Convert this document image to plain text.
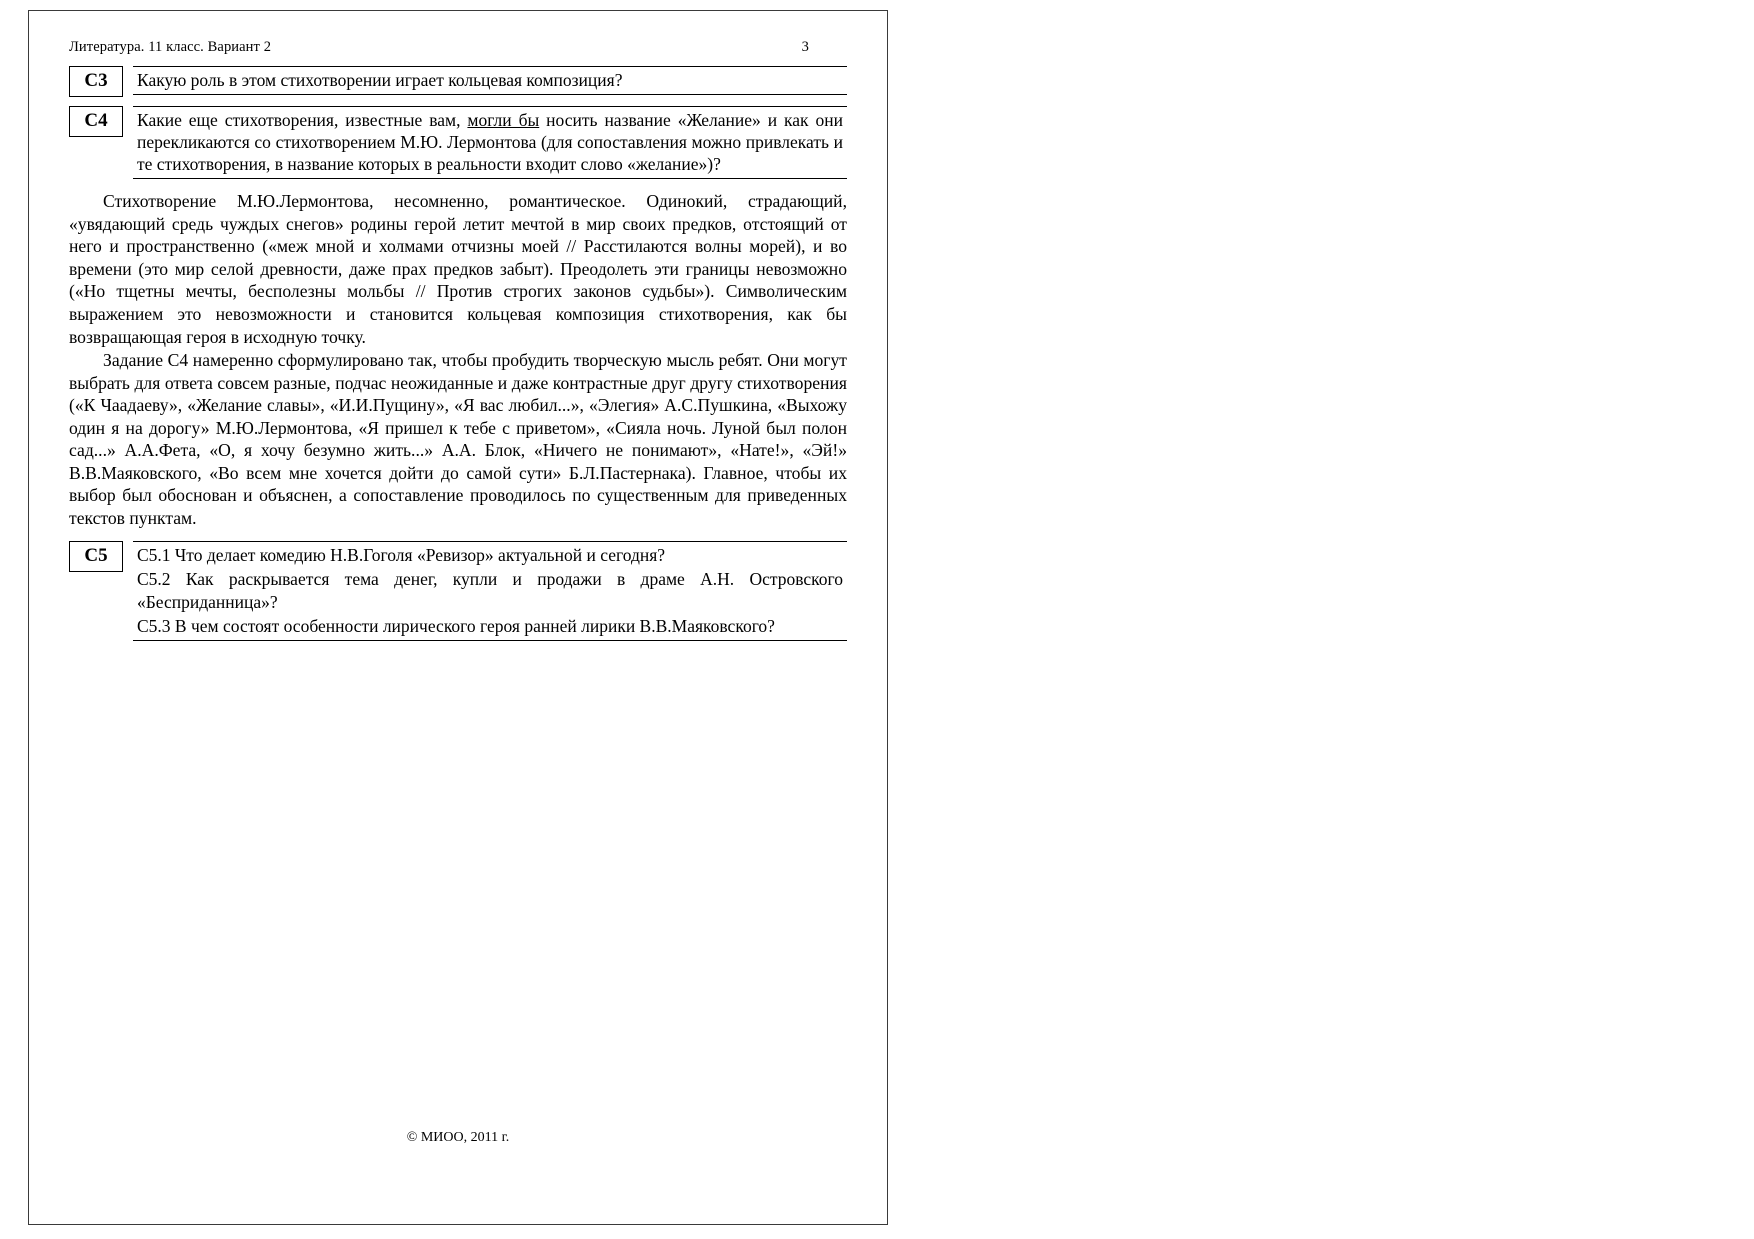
Литература. 11 класс. Вариант 2	3
C3	Какую роль в этом стихотворении играет кольцевая композиция?

C4	Какие еще стихотворения, известные вам, могли бы носить название «Желание» и как они перекликаются со стихотворением М.Ю. Лермонтова (для сопоставления можно привлекать и те стихотворения, в название которых в реальности входит слово «желание»)?

Стихотворение М.Ю.Лермонтова, несомненно, романтическое. Одинокий, страдающий, «увядающий средь чуждых снегов» родины герой летит мечтой в мир своих предков, отстоящий от него и пространственно («меж мной и холмами отчизны моей // Расстилаются волны морей), и во времени (это мир селой древности, даже прах предков забыт). Преодолеть эти границы невозможно («Но тщетны мечты, бесполезны мольбы // Против строгих законов судьбы»). Символическим выражением это невозможности и становится кольцевая композиция стихотворения, как бы возвращающая героя в исходную точку.

Задание С4 намеренно сформулировано так, чтобы пробудить творческую мысль ребят. Они могут выбрать для ответа совсем разные, подчас неожиданные и даже контрастные друг другу стихотворения («К Чаадаеву», «Желание славы», «И.И.Пущину», «Я вас любил...», «Элегия» А.С.Пушкина, «Выхожу один я на дорогу» М.Ю.Лермонтова, «Я пришел к тебе с приветом», «Сияла ночь. Луной был полон сад...» А.А.Фета, «О, я хочу безумно жить...» А.А. Блок, «Ничего не понимают», «Нате!», «Эй!» В.В.Маяковского, «Во всем мне хочется дойти до самой сути» Б.Л.Пастернака). Главное, чтобы их выбор был обоснован и объяснен, а сопоставление проводилось по существенным для приведенных текстов пунктам.

C5	С5.1 Что делает комедию Н.В.Гоголя «Ревизор» актуальной и сегодня?

С5.2 Как раскрывается тема денег, купли и продажи в драме А.Н. Островского «Бесприданница»?

С5.3 В чем состоят особенности лирического героя ранней лирики В.В.Маяковского?

© МИОО, 2011 г.
